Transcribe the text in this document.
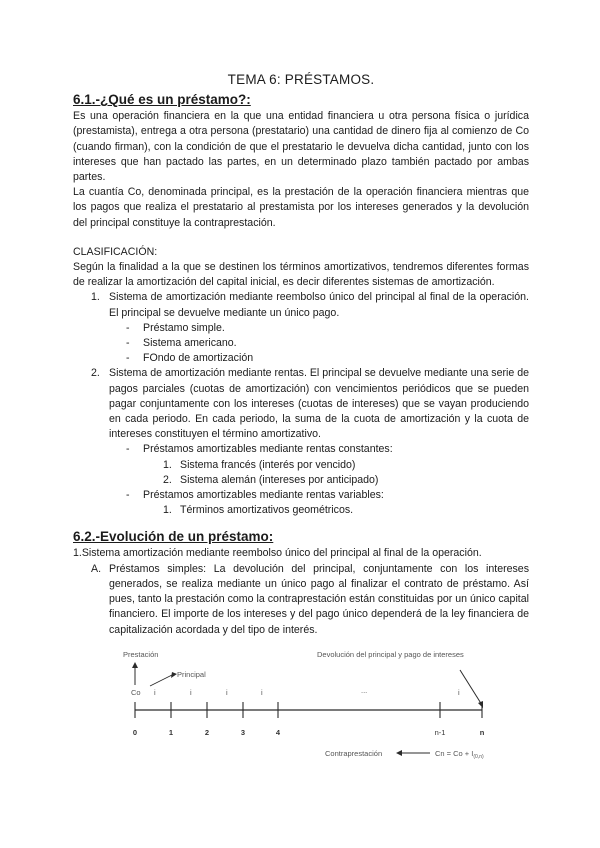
TEMA 6: PRÉSTAMOS.
6.1.-¿Qué es un préstamo?:

Es una operación financiera en la que una entidad financiera u otra persona física o jurídica (prestamista), entrega a otra persona (prestatario) una cantidad de dinero fija al comienzo de Co (cuando firman), con la condición de que el prestatario le devuelva dicha cantidad, junto con los intereses que han pactado las partes, en un determinado plazo también pactado por ambas partes.

La cuantía Co, denominada principal, es la prestación de la operación financiera mientras que los pagos que realiza el prestatario al prestamista por los intereses generados y la devolución del principal constituye la contraprestación.

CLASIFICACIÓN:

Según la finalidad a la que se destinen los términos amortizativos, tendremos diferentes formas de realizar la amortización del capital inicial, es decir diferentes sistemas de amortización.

1. Sistema de amortización mediante reembolso único del principal al final de la operación. El principal se devuelve mediante un único pago.

- Préstamo simple.

- Sistema americano.

- FOndo de amortización

2. Sistema de amortización mediante rentas. El principal se devuelve mediante una serie de pagos parciales (cuotas de amortización) con vencimientos periódicos que se pueden pagar conjuntamente con los intereses (cuotas de intereses) que se vayan produciendo en cada periodo. En cada periodo, la suma de la cuota de amortización y la cuota de intereses constituyen el término amortizativo.

- Préstamos amortizables mediante rentas constantes:

1. Sistema francés (interés por vencido)

2. Sistema alemán (intereses por anticipado)

- Préstamos amortizables mediante rentas variables:

1. Términos amortizativos geométricos.

6.2.-Evolución de un préstamo:

1.Sistema amortización mediante reembolso único del principal al final de la operación.

A. Préstamos simples: La devolución del principal, conjuntamente con los intereses generados, se realiza mediante un único pago al finalizar el contrato de préstamo. Así pues, tanto la prestación como la contraprestación están constituidas por un único capital financiero. El importe de los intereses y del pago único dependerá de la ley financiera de capitalización acordada y del tipo de interés.

Prestación
Principal
Devolución del principal y pago de intereses
Co i	i	i	i	...	i
0	1	2	3	4	n-1	n
Contraprestación	$Cn = Co + I_{(0,n)}$
